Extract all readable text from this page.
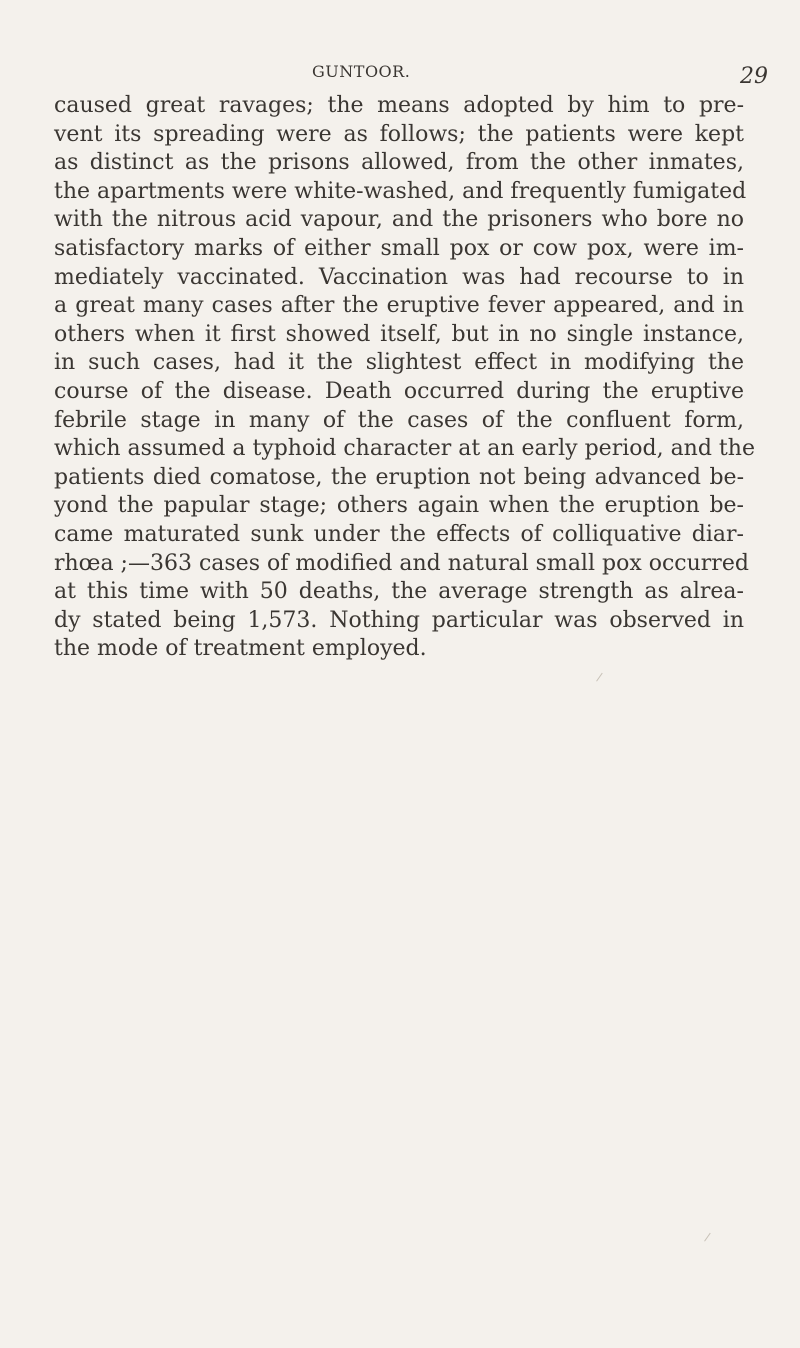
GUNTOOR.	29
caused great ravages; the means adopted by him to pre-
vent its spreading were as follows; the patients were kept
as distinct as the prisons allowed, from the other inmates,
the apartments were white-washed, and frequently fumigated
with the nitrous acid vapour, and the prisoners who bore no
satisfactory marks of either small pox or cow pox, were im-
mediately vaccinated. Vaccination was had recourse to in
a great many cases after the eruptive fever appeared, and in
others when it first showed itself, but in no single instance,
in such cases, had it the slightest effect in modifying the
course of the disease. Death occurred during the eruptive
febrile stage in many of the cases of the confluent form,
which assumed a typhoid character at an early period, and the
patients died comatose, the eruption not being advanced be-
yond the papular stage; others again when the eruption be-
came maturated sunk under the effects of colliquative diar-
rhœa ;—363 cases of modified and natural small pox occurred
at this time with 50 deaths, the average strength as alrea-
dy stated being 1,573. Nothing particular was observed in
the mode of treatment employed.
